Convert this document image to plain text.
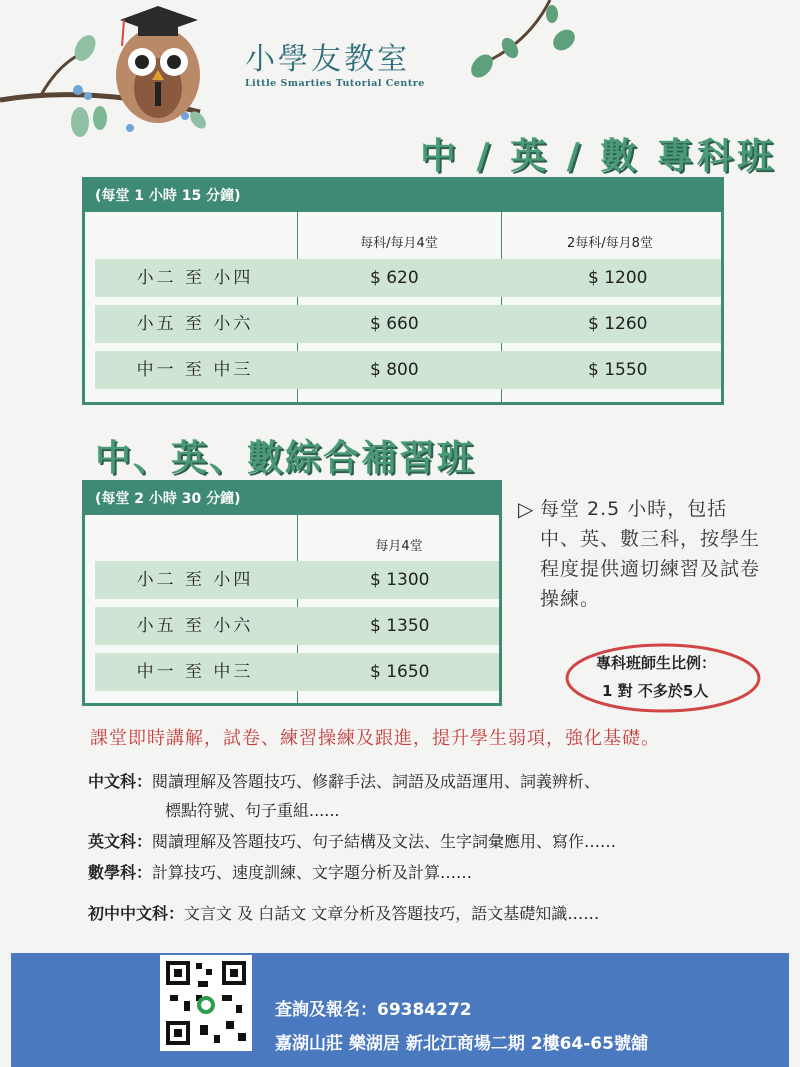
小學友教室
Little Smarties Tutorial Centre
中 / 英 / 數 專科班
(每堂 1 小時 15 分鐘)
每科/每月4堂	2每科/每月8堂
小二 至 小四	$ 620	$ 1200
小五 至 小六	$ 660	$ 1260
中一 至 中三	$ 800	$ 1550
中、英、數綜合補習班
(每堂 2 小時 30 分鐘)
每月4堂
小二 至 小四	$ 1300
小五 至 小六	$ 1350
中一 至 中三	$ 1650
▷ 每堂 2.5 小時，包括中、英、數三科，按學生程度提供適切練習及試卷操練。
專科班師生比例：
1 對 不多於5人
課堂即時講解，試卷、練習操練及跟進，提升學生弱項，強化基礎。
中文科：閱讀理解及答題技巧、修辭手法、詞語及成語運用、詞義辨析、
標點符號、句子重組......
英文科：閱讀理解及答題技巧、句子結構及文法、生字詞彙應用、寫作……
數學科：計算技巧、速度訓練、文字題分析及計算……
初中中文科：文言文 及 白話文 文章分析及答題技巧，語文基礎知識……
查詢及報名：69384272
嘉湖山莊 樂湖居 新北江商場二期 2樓64-65號舖
